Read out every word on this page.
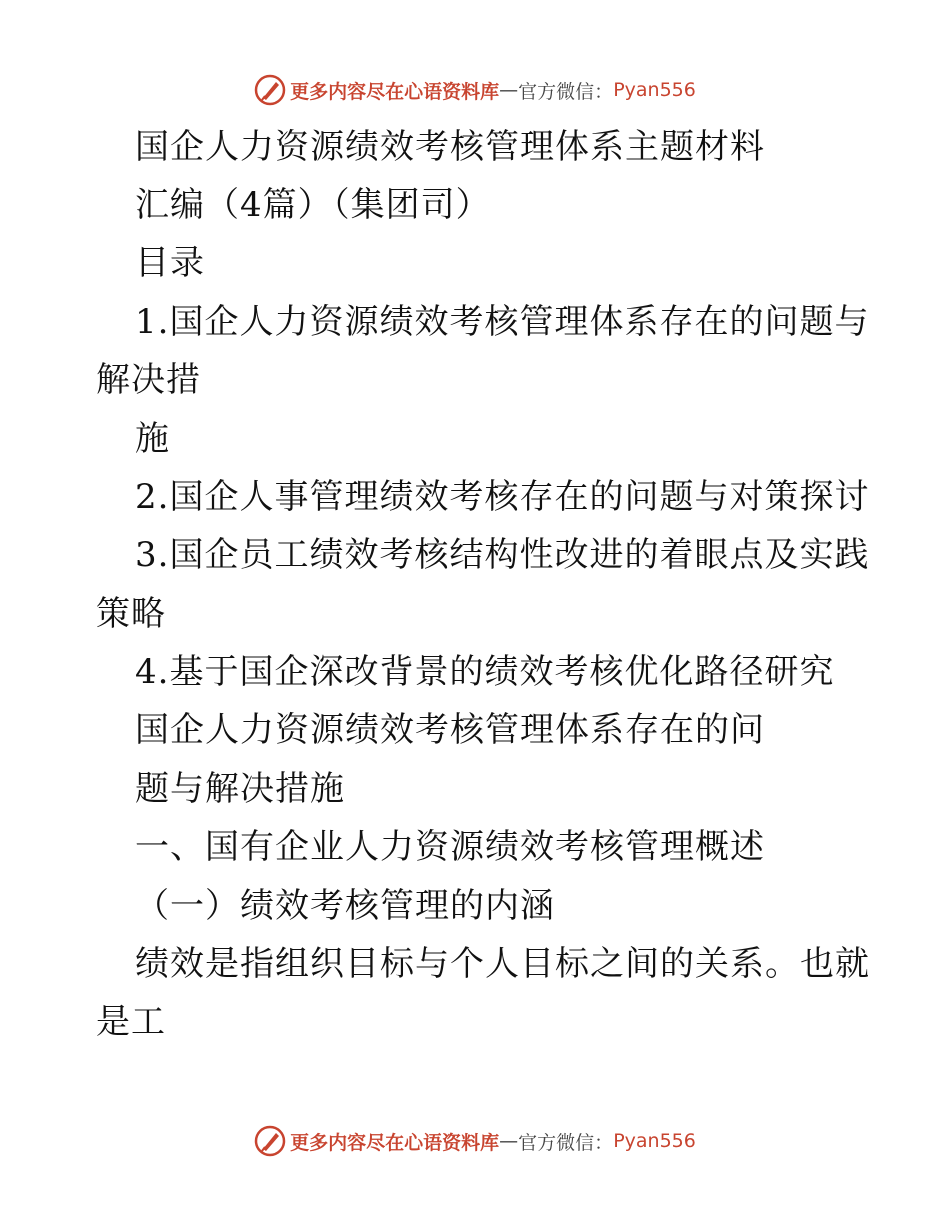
更多内容尽在心语资料库 — 官方微信： Pyan556
国企人力资源绩效考核管理体系主题材料
汇编（4篇）（集团司）
目录
1.国企人力资源绩效考核管理体系存在的问题与
解决措
施
2.国企人事管理绩效考核存在的问题与对策探讨
3.国企员工绩效考核结构性改进的着眼点及实践
策略
4.基于国企深改背景的绩效考核优化路径研究
国企人力资源绩效考核管理体系存在的问
题与解决措施
一、国有企业人力资源绩效考核管理概述
（一）绩效考核管理的内涵
绩效是指组织目标与个人目标之间的关系。也就
是工
更多内容尽在心语资料库 — 官方微信： Pyan556
